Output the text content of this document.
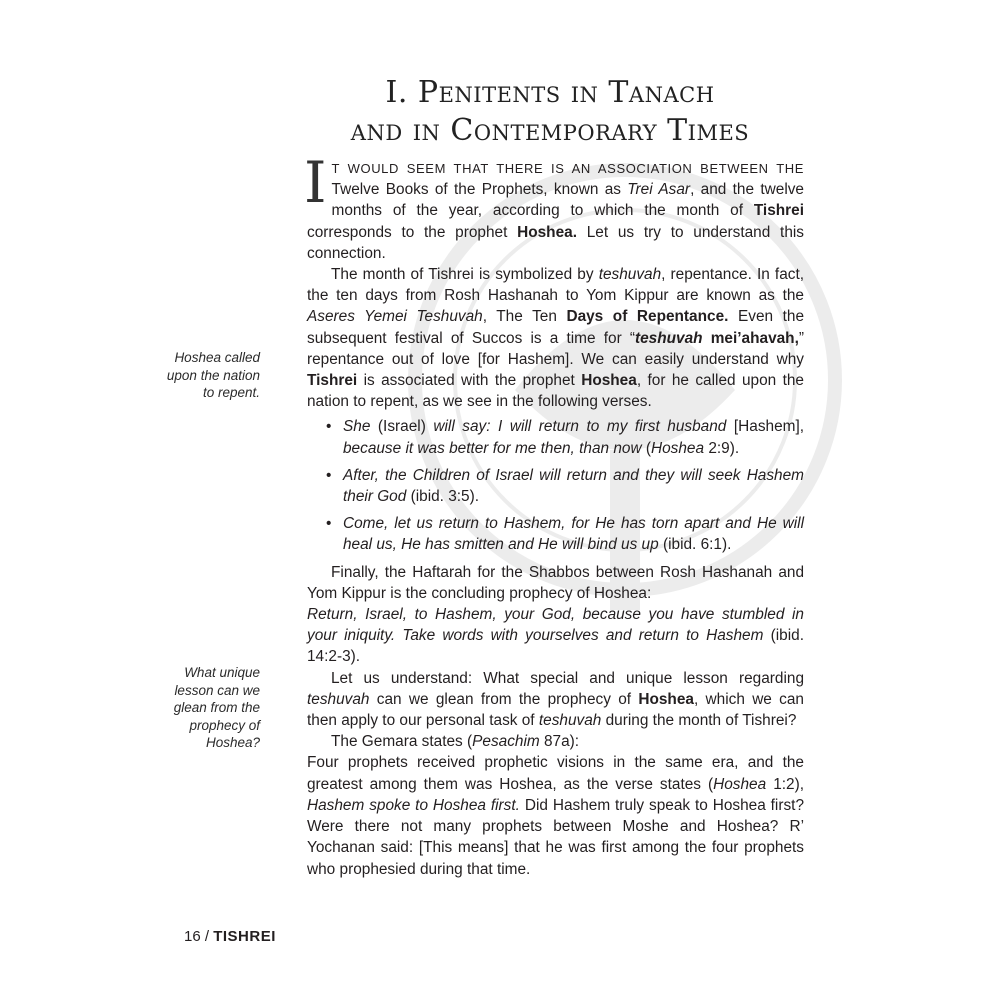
I. Penitents in Tanach
and in Contemporary Times

IT WOULD SEEM THAT THERE IS AN ASSOCIATION BETWEEN THE Twelve Books of the Prophets, known as Trei Asar, and the twelve months of the year, according to which the month of Tishrei corresponds to the prophet Hoshea. Let us try to understand this connection.

The month of Tishrei is symbolized by teshuvah, repentance. In fact, the ten days from Rosh Hashanah to Yom Kippur are known as the Aseres Yemei Teshuvah, The Ten Days of Repentance. Even the subsequent festival of Succos is a time for “teshuvah mei’ahavah,” repentance out of love [for Hashem]. We can easily understand why Tishrei is associated with the prophet Hoshea, for he called upon the nation to repent, as we see in the following verses.

• She (Israel) will say: I will return to my first husband [Hashem], because it was better for me then, than now (Hoshea 2:9).
• After, the Children of Israel will return and they will seek Hashem their God (ibid. 3:5).
• Come, let us return to Hashem, for He has torn apart and He will heal us, He has smitten and He will bind us up (ibid. 6:1).

Finally, the Haftarah for the Shabbos between Rosh Hashanah and Yom Kippur is the concluding prophecy of Hoshea:

Return, Israel, to Hashem, your God, because you have stumbled in your iniquity. Take words with yourselves and return to Hashem (ibid. 14:2-3).

Let us understand: What special and unique lesson regarding teshuvah can we glean from the prophecy of Hoshea, which we can then apply to our personal task of teshuvah during the month of Tishrei?

The Gemara states (Pesachim 87a):

Four prophets received prophetic visions in the same era, and the greatest among them was Hoshea, as the verse states (Hoshea 1:2), Hashem spoke to Hoshea first. Did Hashem truly speak to Hoshea first? Were there not many prophets between Moshe and Hoshea? R’ Yochanan said: [This means] that he was first among the four prophets who prophesied during that time.

Hoshea called upon the nation to repent.
What unique lesson can we glean from the prophecy of Hoshea?
16 / TISHREI
